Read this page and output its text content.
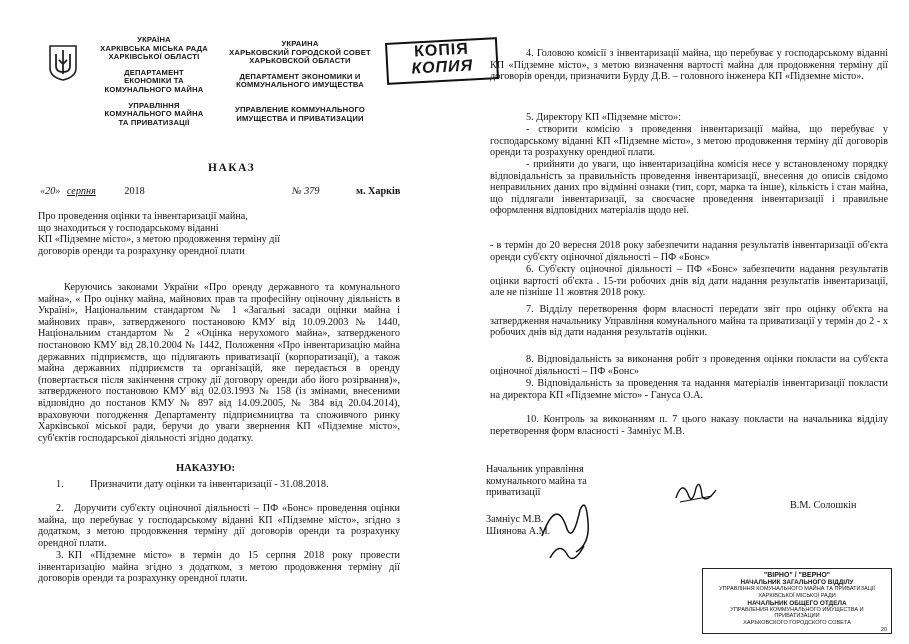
УКРАЇНА
ХАРКІВСЬКА МІСЬКА РАДА
ХАРКІВСЬКОЇ ОБЛАСТІ
ДЕПАРТАМЕНТ
ЕКОНОМІКИ ТА
КОМУНАЛЬНОГО МАЙНА
УПРАВЛІННЯ
КОМУНАЛЬНОГО МАЙНА
ТА ПРИВАТИЗАЦІЇ
УКРАИНА
ХАРЬКОВСКИЙ ГОРОДСКОЙ СОВЕТ
ХАРЬКОВСКОЙ ОБЛАСТИ
ДЕПАРТАМЕНТ ЭКОНОМИКИ И
КОММУНАЛЬНОГО ИМУЩЕСТВА
УПРАВЛЕНИЕ КОММУНАЛЬНОГО
ИМУЩЕСТВА И ПРИВАТИЗАЦИИ
КОПІЯ
КОПИЯ
НАКАЗ
«20» серпня	2018	№ 379	м. Харків
Про проведення оцінки та інвентаризації майна,
що знаходиться у господарському віданні
КП «Підземне місто», з метою продовження терміну дії
договорів оренди та розрахунку орендної плати

Керуючись законами України «Про оренду державного та комунального майна», « Про оцінку майна, майнових прав та професійну оціночну діяльність в Україні», Національним стандартом № 1 «Загальні засади оцінки майна і майнових прав», затвердженого постановою КМУ від 10.09.2003 № 1440, Національним стандартом № 2 «Оцінка нерухомого майна», затвердженого постановою КМУ від 28.10.2004 № 1442, Положення «Про інвентаризацію майна державних підприємств, що підлягають приватизації (корпоратизації), а також майна державних підприємств та організацій, яке передається в оренду (повертається після закінчення строку дії договору оренди або його розірвання)», затвердженого постановою КМУ від 02.03.1993 № 158 (із змінами, внесеними відповідно до постанов КМУ № 897 від 14.09.2005, № 384 від 20.04.2014), враховуючи погодження Департаменту підприємництва та споживчого ринку Харківської міської ради, беручи до уваги звернення КП «Підземне місто», суб'єктів господарської діяльності згідно додатку.

НАКАЗУЮ:
1.	Призначити дату оцінки та інвентаризації - 31.08.2018.
2. Доручити суб'єкту оціночної діяльності – ПФ «Бонс» проведення оцінки майна, що перебуває у господарському віданні КП «Підземне місто», згідно з додатком, з метою продовження терміну дії договорів оренди та розрахунку орендної плати.
3. КП «Підземне місто» в термін до 15 серпня 2018 року провести інвентаризацію майна згідно з додатком, з метою продовження терміну дії договорів оренди та розрахунку орендної плати.

4. Головою комісії з інвентаризації майна, що перебуває у господарському віданні КП «Підземне місто», з метою визначення вартості майна для продовження терміну дії договорів оренди, призначити Бурду Д.В. – головного інженера КП «Підземне місто».

5. Директору КП «Підземне місто»:

- створити комісію з проведення інвентаризації майна, що перебуває у господарському віданні КП «Підземне місто», з метою продовження терміну дії договорів оренди та розрахунку орендної плати.

- прийняти до уваги, що інвентаризаційна комісія несе у встановленому порядку відповідальність за правильність проведення інвентаризації, внесення до описів свідомо неправильних даних про відмінні ознаки (тип, сорт, марка та інше), кількість і стан майна, що підлягали інвентаризації, за своєчасне проведення інвентаризації і правильне оформлення відповідних матеріалів щодо неї.

- в термін до 20 вересня 2018 року забезпечити надання результатів інвентаризації об'єкта оренди суб'єкту оціночної діяльності – ПФ «Бонс»

6. Суб'єкту оціночної діяльності – ПФ «Бонс» забезпечити надання результатів оцінки вартості об'єкта . 15-ти робочих днів від дати надання результатів інвентаризації, але не пізніше 11 жовтня 2018 року.

7. Відділу перетворення форм власності передати звіт про оцінку об'єкта на затвердження начальнику Управління комунального майна та приватизації у термін до 2 - х робочих днів від дати надання результатів оцінки.

8. Відповідальність за виконання робіт з проведення оцінки покласти на суб'єкта оціночної діяльності – ПФ «Бонс»

9. Відповідальність за проведення та надання матеріалів інвентаризації покласти на директора КП «Підземне місто» - Гануса О.А.

10. Контроль за виконанням п. 7 цього наказу покласти на начальника відділу перетворення форм власності - Замніус М.В.

Начальник управління
комунального майна та
приватизації
В.М. Солошкін
Замніус М.В.
Шиянова А.М.
"ВІРНО" / "ВЕРНО"
НАЧАЛЬНИК ЗАГАЛЬНОГО ВІДДІЛУ
УПРАВЛІННЯ КОМУНАЛЬНОГО МАЙНА ТА ПРИВАТИЗАЦІЇ
ХАРКІВСЬКОЇ МІСЬКОЇ РАДИ
НАЧАЛЬНИК ОБЩЕГО ОТДЕЛА
УПРАВЛЕНИЯ КОММУНАЛЬНОГО ИМУЩЕСТВА И ПРИВАТИЗАЦИИ
ХАРЬКОВСКОГО ГОРОДСКОГО СОВЕТА
20
